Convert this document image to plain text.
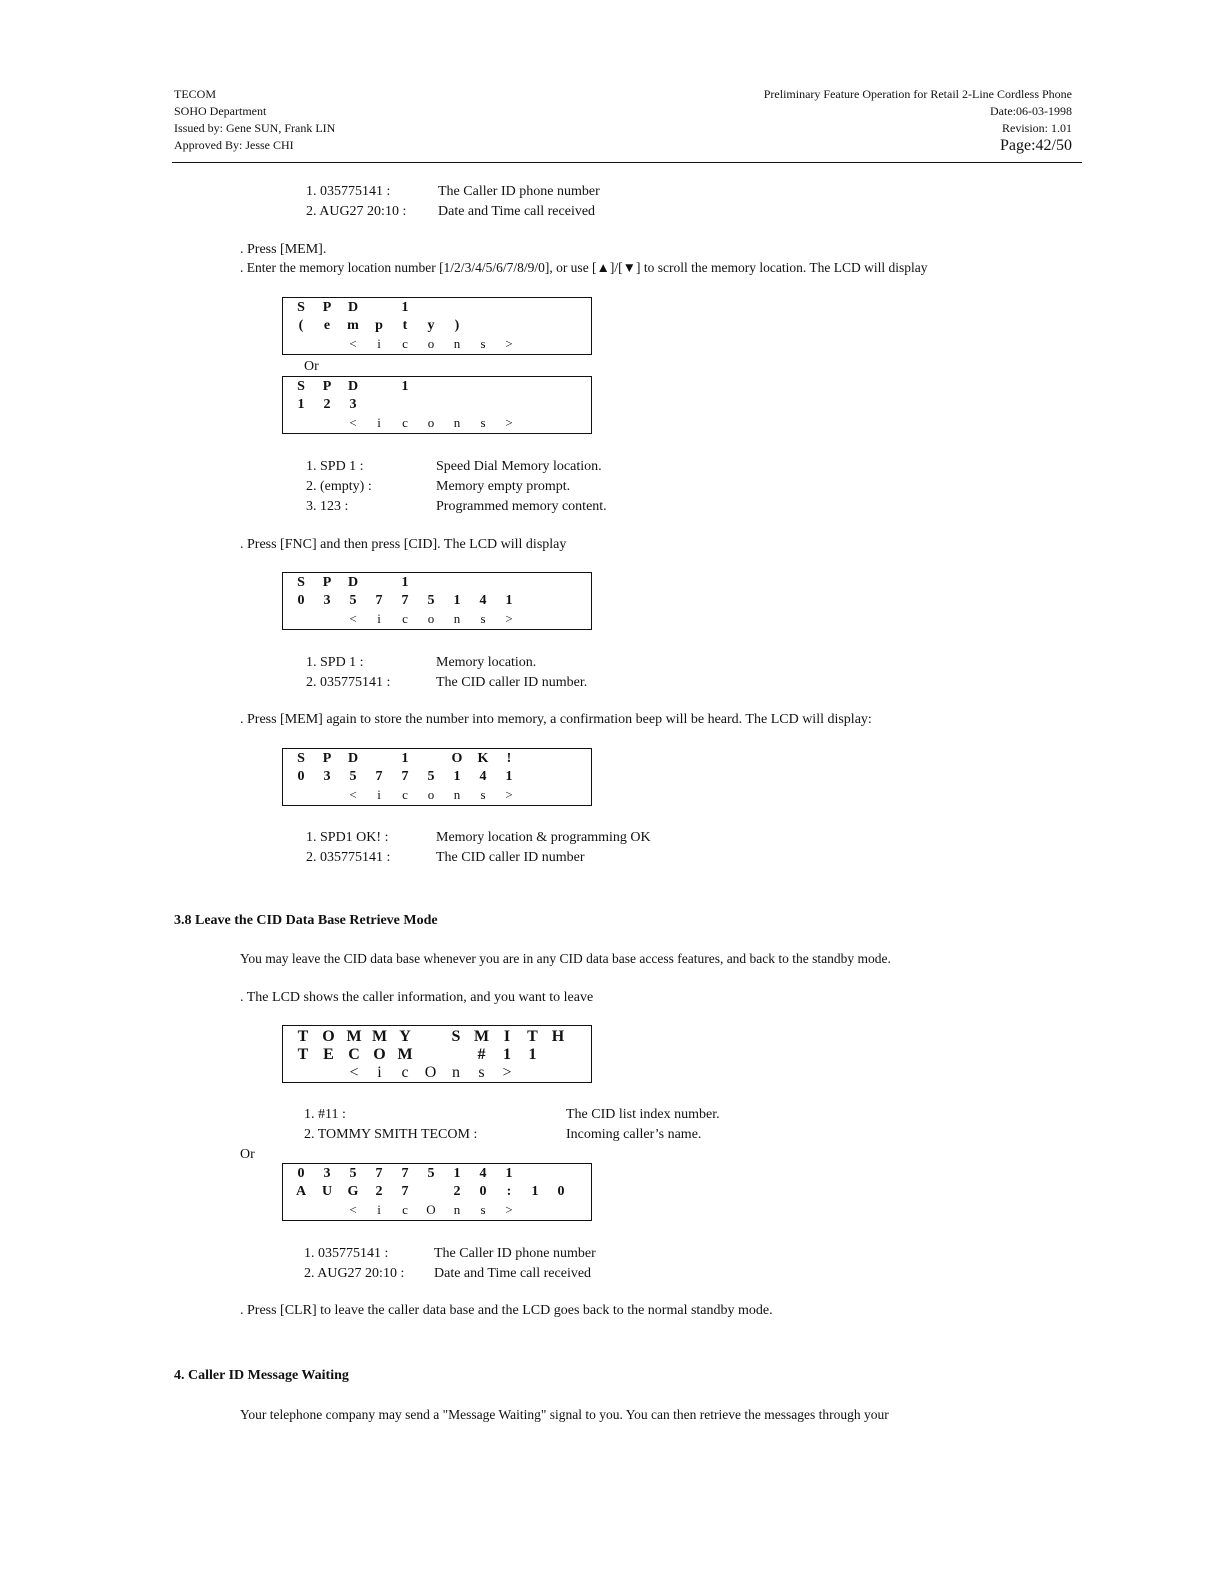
TECOM
SOHO Department
Issued by: Gene SUN, Frank LIN
Approved By: Jesse CHI
Preliminary Feature Operation for Retail 2-Line Cordless Phone
Date:06-03-1998
Revision: 1.01
Page:42/50
1. 035775141 :	The Caller ID phone number
2. AUG27 20:10 :	Date and Time call received
. Press [MEM].
. Enter the memory location number [1/2/3/4/5/6/7/8/9/0], or use [▲]/[▼] to scroll the memory location. The LCD will display
S	P	D	1
(	e	m	p	t	y	)
<	i	c	o	n	s	>
Or
S	P	D	1
1	2	3
<	i	c	o	n	s	>
1. SPD 1 :	Speed Dial Memory location.
2. (empty) :	Memory empty prompt.
3. 123 :	Programmed memory content.
. Press [FNC] and then press [CID]. The LCD will display
S	P	D	1
0	3	5	7	7	5	1	4	1
<	i	c	o	n	s	>
1. SPD 1 :	Memory location.
2. 035775141 :	The CID caller ID number.
. Press [MEM] again to store the number into memory, a confirmation beep will be heard. The LCD will display:
S	P	D	1	O	K	!
0	3	5	7	7	5	1	4	1
<	i	c	o	n	s	>
1. SPD1 OK! :	Memory location & programming OK
2. 035775141 :	The CID caller ID number
3.8 Leave the CID Data Base Retrieve Mode
You may leave the CID data base whenever you are in any CID data base access features, and back to the standby mode.
. The LCD shows the caller information, and you want to leave
T O M M Y	S M I	T H
T E C O M	#	1	1
<	i	c	O n	s	>
1. #11 :	The CID list index number.
2. TOMMY SMITH TECOM :	Incoming caller’s name.
Or
0	3	5	7	7	5	1	4	1
A	U	G	2	7	2	0	:	1	0
<	i	c	O	n	s	>
1. 035775141 :	The Caller ID phone number
2. AUG27 20:10 :	Date and Time call received
. Press [CLR] to leave the caller data base and the LCD goes back to the normal standby mode.
4. Caller ID Message Waiting
Your telephone company may send a "Message Waiting" signal to you. You can then retrieve the messages through your
